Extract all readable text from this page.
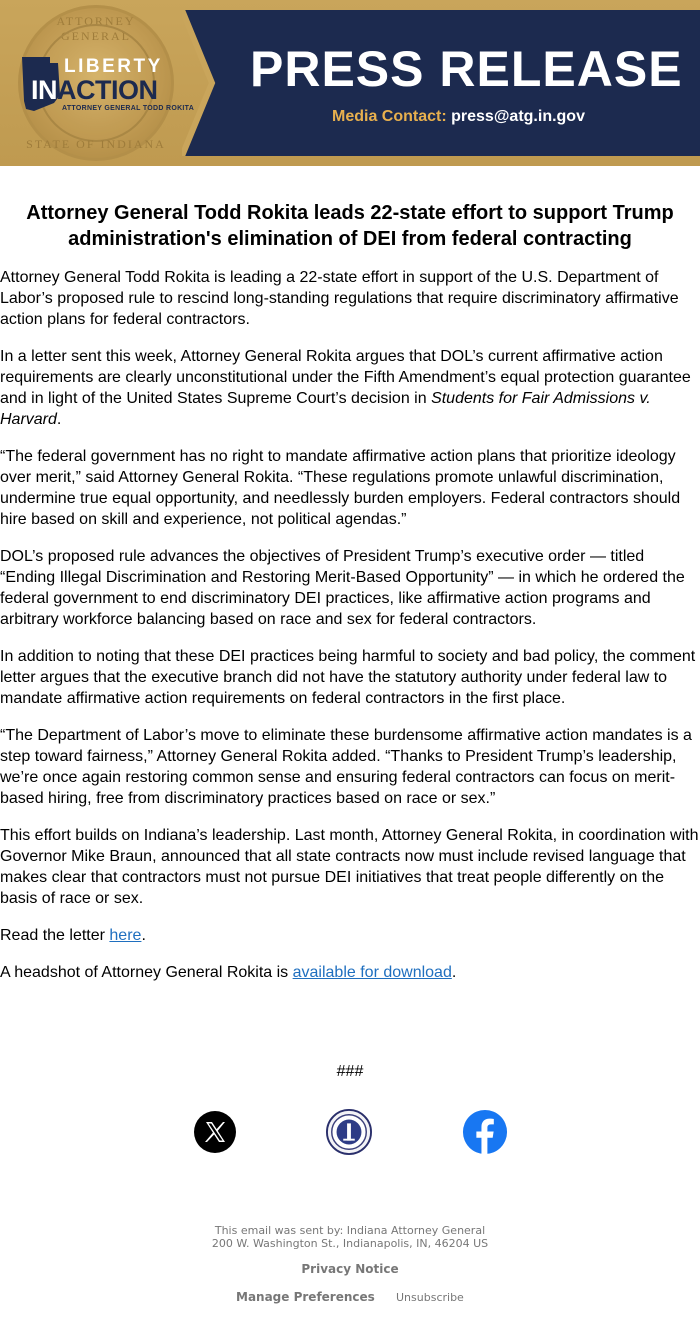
ATTORNEY GENERAL
STATE OF INDIANA
LIBERTY
INACTION
ATTORNEY GENERAL TODD ROKITA
PRESS RELEASE
Media Contact: press@atg.in.gov
Attorney General Todd Rokita leads 22-state effort to support Trump administration's elimination of DEI from federal contracting

Attorney General Todd Rokita is leading a 22-state effort in support of the U.S. Department of Labor’s proposed rule to rescind long-standing regulations that require discriminatory affirmative action plans for federal contractors.

In a letter sent this week, Attorney General Rokita argues that DOL’s current affirmative action requirements are clearly unconstitutional under the Fifth Amendment’s equal protection guarantee and in light of the United States Supreme Court’s decision in Students for Fair Admissions v. Harvard.

“The federal government has no right to mandate affirmative action plans that prioritize ideology over merit,” said Attorney General Rokita. “These regulations promote unlawful discrimination, undermine true equal opportunity, and needlessly burden employers. Federal contractors should hire based on skill and experience, not political agendas.”

DOL’s proposed rule advances the objectives of President Trump’s executive order — titled “Ending Illegal Discrimination and Restoring Merit-Based Opportunity” — in which he ordered the federal government to end discriminatory DEI practices, like affirmative action programs and arbitrary workforce balancing based on race and sex for federal contractors.

In addition to noting that these DEI practices being harmful to society and bad policy, the comment letter argues that the executive branch did not have the statutory authority under federal law to mandate affirmative action requirements on federal contractors in the first place.

“The Department of Labor’s move to eliminate these burdensome affirmative action mandates is a step toward fairness,” Attorney General Rokita added. “Thanks to President Trump’s leadership, we’re once again restoring common sense and ensuring federal contractors can focus on merit-based hiring, free from discriminatory practices based on race or sex.”

This effort builds on Indiana’s leadership. Last month, Attorney General Rokita, in coordination with Governor Mike Braun, announced that all state contracts now must include revised language that makes clear that contractors must not pursue DEI initiatives that treat people differently on the basis of race or sex.

Read the letter here.

A headshot of Attorney General Rokita is available for download.

###
This email was sent by: Indiana Attorney General
200 W. Washington St., Indianapolis, IN, 46204 US
Privacy Notice
Manage Preferences Unsubscribe
